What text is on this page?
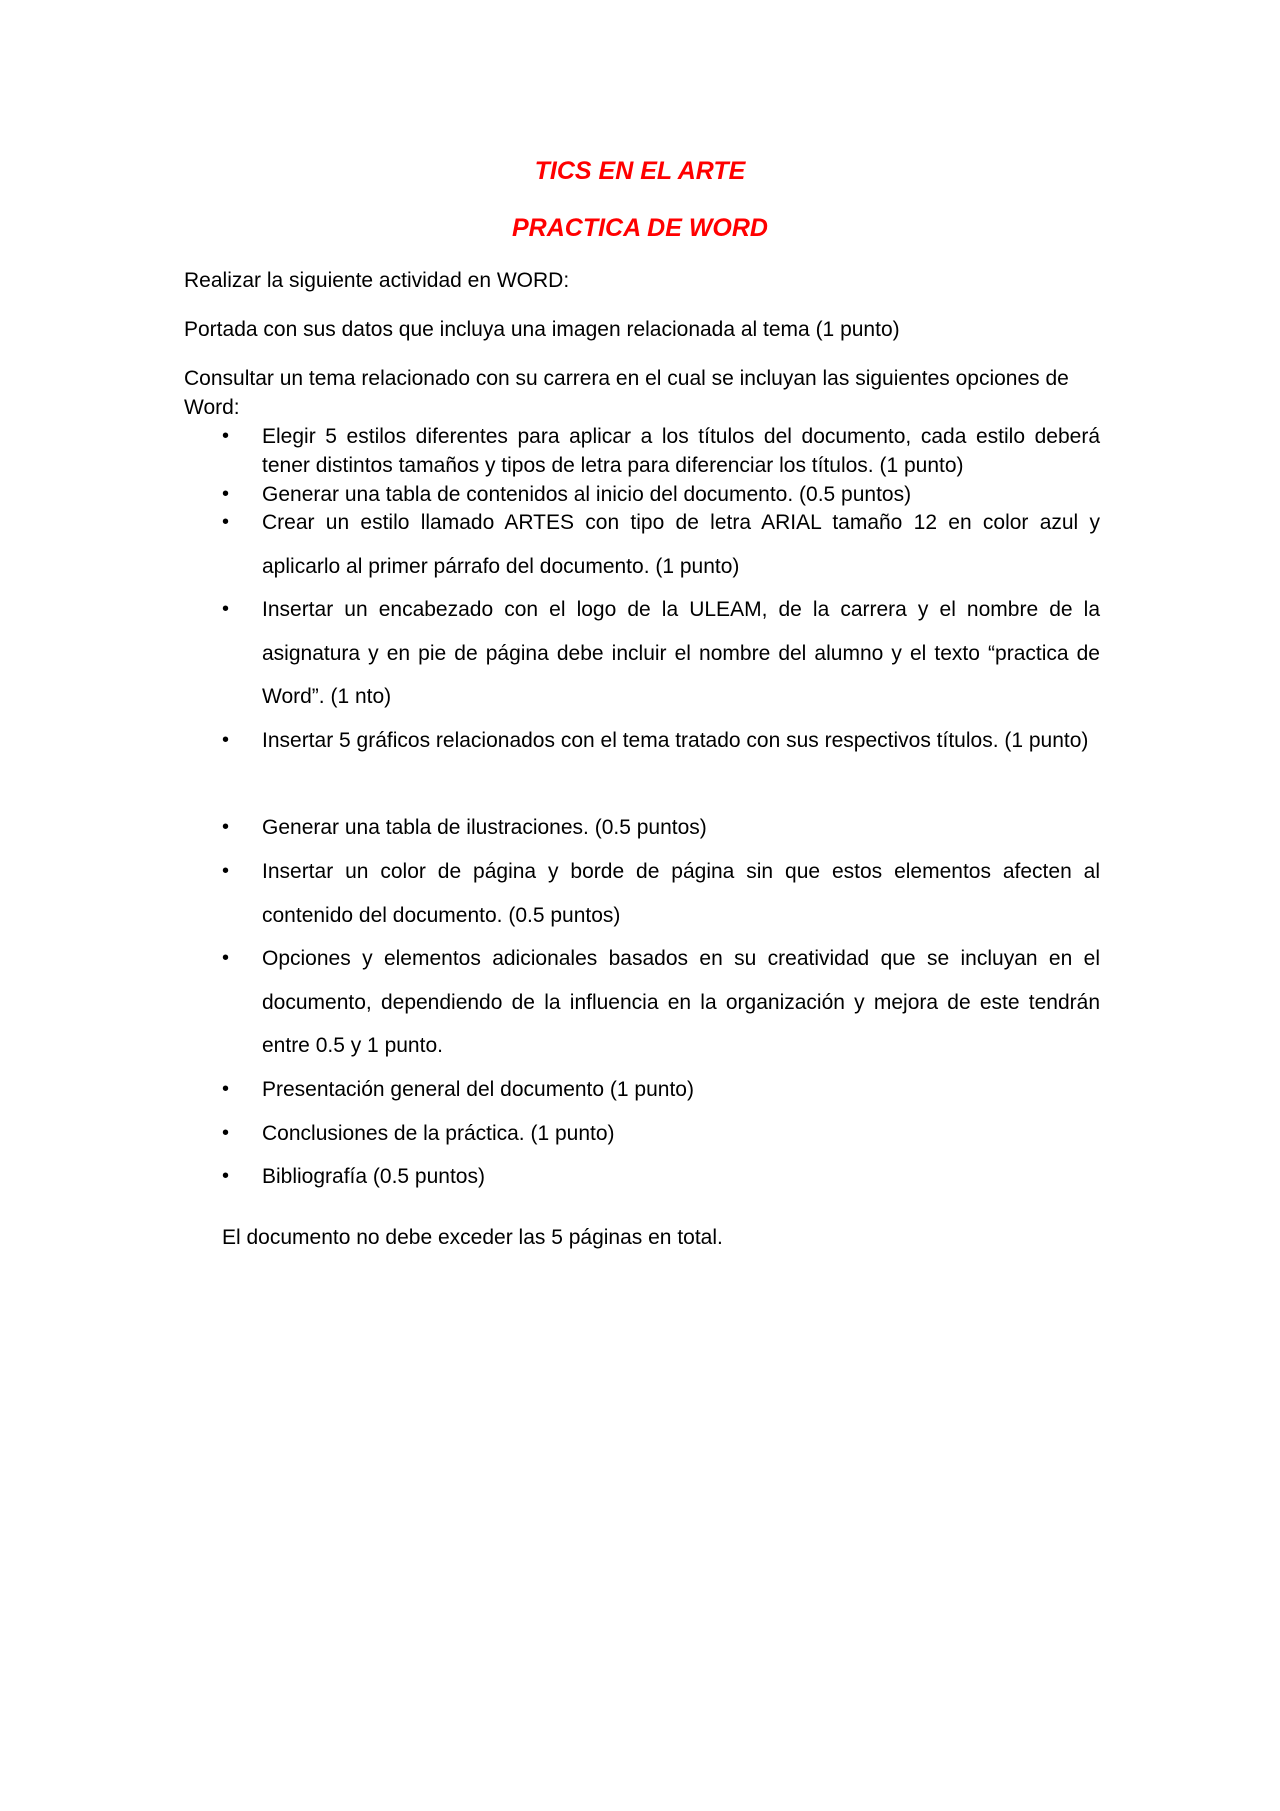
TICS EN EL ARTE
PRACTICA DE WORD
Realizar la siguiente actividad en WORD:
Portada con sus datos que incluya una imagen relacionada al tema (1 punto)
Consultar un tema relacionado con su carrera en el cual se incluyan las siguientes opciones de Word:
•	Elegir 5 estilos diferentes para aplicar a los títulos del documento, cada estilo deberá tener distintos tamaños y tipos de letra para diferenciar los títulos. (1 punto)
•	Generar una tabla de contenidos al inicio del documento. (0.5 puntos)
•	Crear un estilo llamado ARTES con tipo de letra ARIAL tamaño 12 en color azul y aplicarlo al primer párrafo del documento. (1 punto)
•	Insertar un encabezado con el logo de la ULEAM, de la carrera y el nombre de la asignatura y en pie de página debe incluir el nombre del alumno y el texto “practica de Word”. (1 nto)
•	Insertar 5 gráficos relacionados con el tema tratado con sus respectivos títulos. (1 punto)
•	Generar una tabla de ilustraciones. (0.5 puntos)
•	Insertar un color de página y borde de página sin que estos elementos afecten al contenido del documento. (0.5 puntos)
•	Opciones y elementos adicionales basados en su creatividad que se incluyan en el documento, dependiendo de la influencia en la organización y mejora de este tendrán entre 0.5 y 1 punto.
•	Presentación general del documento (1 punto)
•	Conclusiones de la práctica. (1 punto)
•	Bibliografía (0.5 puntos)
El documento no debe exceder las 5 páginas en total.
